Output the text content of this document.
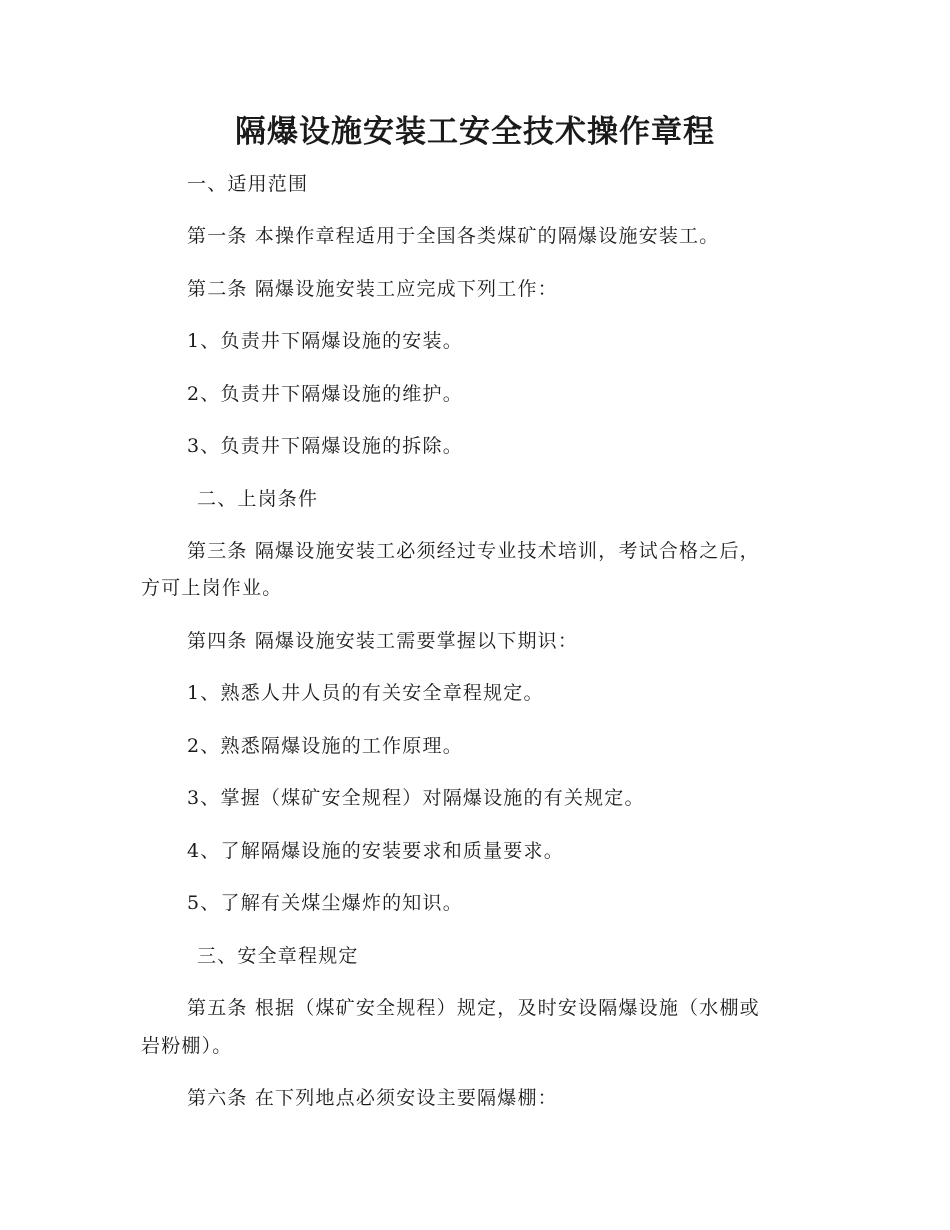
隔爆设施安装工安全技术操作章程
一、适用范围
第一条 本操作章程适用于全国各类煤矿的隔爆设施安装工。
第二条 隔爆设施安装工应完成下列工作：
1、负责井下隔爆设施的安装。
2、负责井下隔爆设施的维护。
3、负责井下隔爆设施的拆除。
二、上岗条件
第三条 隔爆设施安装工必须经过专业技术培训，考试合格之后，
方可上岗作业。
第四条 隔爆设施安装工需要掌握以下期识：
1、熟悉人井人员的有关安全章程规定。
2、熟悉隔爆设施的工作原理。
3、掌握（煤矿安全规程）对隔爆设施的有关规定。
4、了解隔爆设施的安装要求和质量要求。
5、了解有关煤尘爆炸的知识。
三、安全章程规定
第五条 根据（煤矿安全规程）规定，及时安设隔爆设施（水棚或
岩粉棚）。
第六条 在下列地点必须安设主要隔爆棚：
